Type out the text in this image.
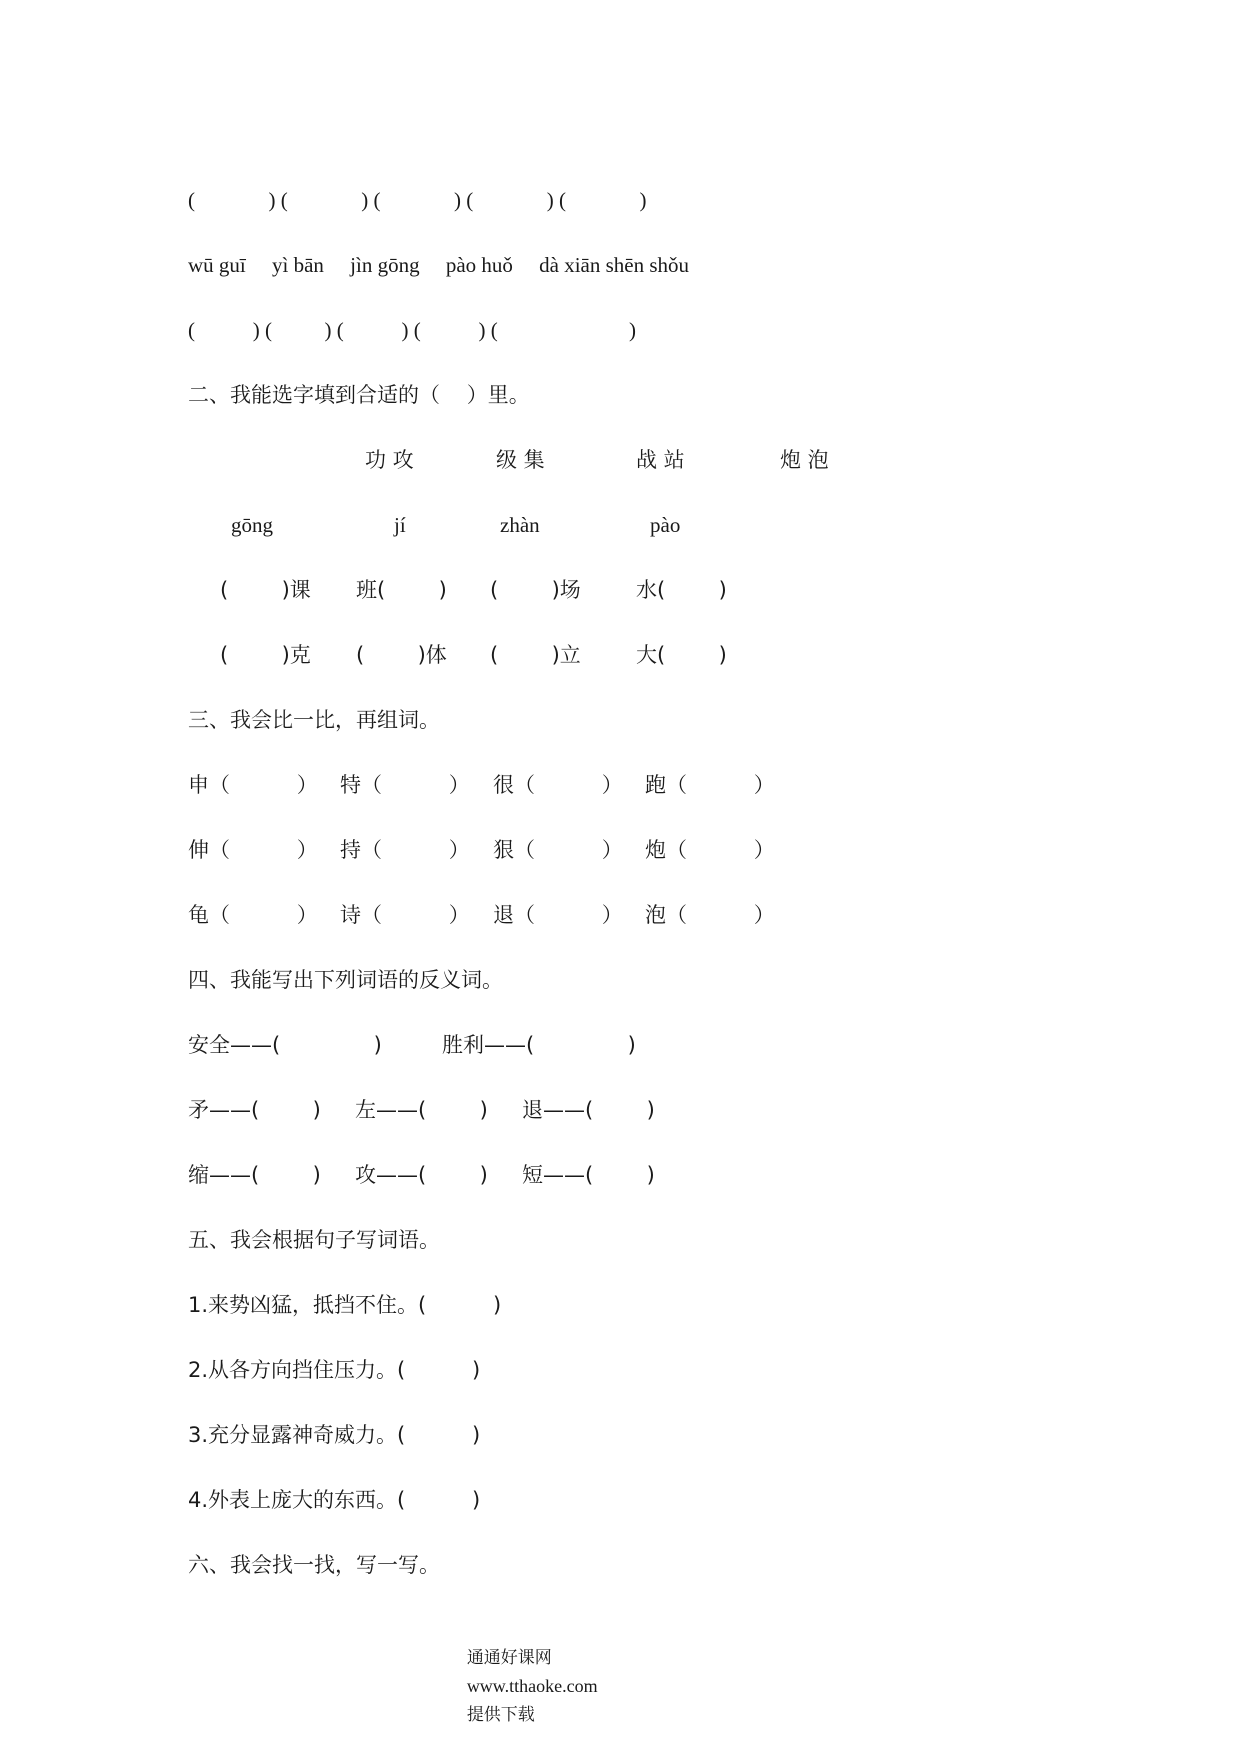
(              ) (              ) (              ) (              ) (              )
wū guī     yì bān     jìn gōng     pào huǒ     dà xiān shēn shǒu
(           ) (          ) (           ) (           ) (                         )
二、我能选字填到合适的（    ）里。
功 攻	级 集	战 站	炮 泡
gōng	jí	zhàn	pào
(        )课 班(        ) (        )场	水(        )
(        )克 (        )体 (        )立	大(        )
三、我会比一比，再组词。
申（          ） 特（          ） 很（          ） 跑（          ）
伸（          ） 持（          ） 狠（          ） 炮（          ）
龟（          ） 诗（          ） 退（          ） 泡（          ）
四、我能写出下列词语的反义词。
安全——(              )	胜利——(              )
矛——(        ) 左——(        ) 退——(        )
缩——(        ) 攻——(        ) 短——(        )
五、我会根据句子写词语。
1.来势凶猛，抵挡不住。(          )
2.从各方向挡住压力。(          )
3.充分显露神奇威力。(          )
4.外表上庞大的东西。(          )
六、我会找一找，写一写。

通通好课网
www.tthaoke.com
提供下载
